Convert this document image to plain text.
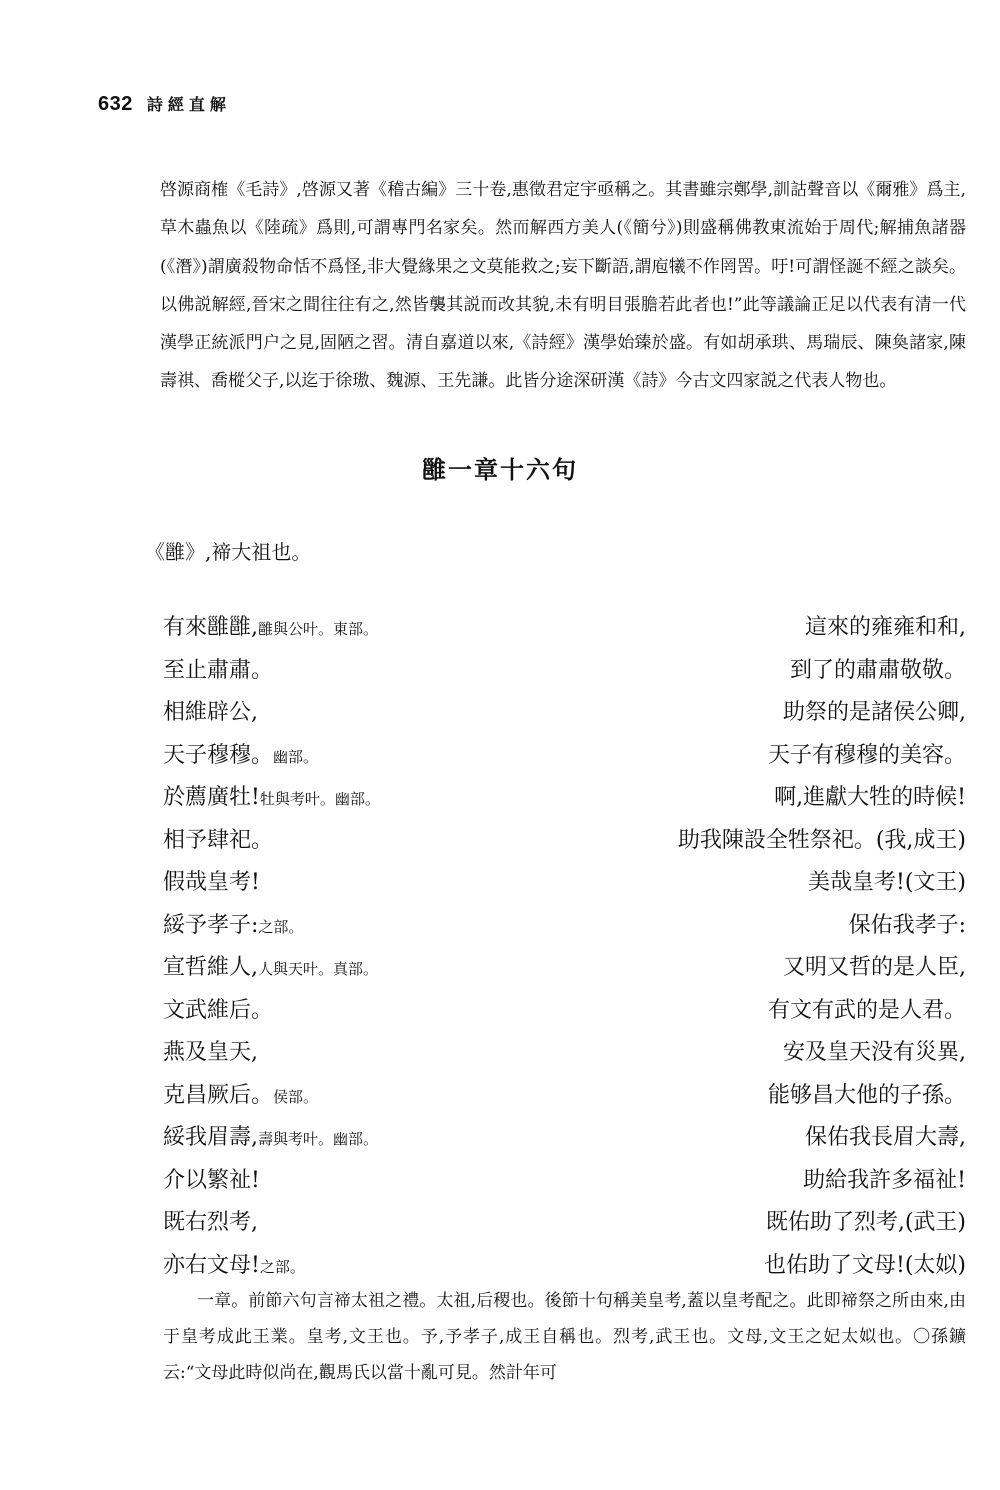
632 詩經直解

啓源商榷《毛詩》,啓源又著《稽古編》三十卷,惠徵君定宇亟稱之。其書雖宗鄭學,訓詁聲音以《爾雅》爲主,草木蟲魚以《陸疏》爲則,可謂專門名家矣。然而解西方美人(《簡兮》)則盛稱佛教東流始于周代;解捕魚諸器(《潛》)謂廣殺物命恬不爲怪,非大覺緣果之文莫能救之;妄下斷語,謂庖犧不作罔罟。吁!可謂怪誕不經之談矣。以佛説解經,晉宋之間往往有之,然皆襲其説而改其貌,未有明目張膽若此者也!”此等議論正足以代表有清一代漢學正統派門户之見,固陋之習。清自嘉道以來,《詩經》漢學始臻於盛。有如胡承珙、馬瑞辰、陳奐諸家,陳壽祺、喬樅父子,以迄于徐璈、魏源、王先謙。此皆分途深研漢《詩》今古文四家説之代表人物也。

雝一章十六句
《雝》,禘大祖也。
有來雝雝,雝與公叶。東部。	這來的雍雍和和,
至止肅肅。	到了的肅肅敬敬。
相維辟公,	助祭的是諸侯公卿,
天子穆穆。幽部。	天子有穆穆的美容。
於薦廣牡!牡與考叶。幽部。	啊,進獻大牲的時候!
相予肆祀。	助我陳設全牲祭祀。(我,成王)
假哉皇考!	美哉皇考!(文王)
綏予孝子:之部。	保佑我孝子:
宣哲維人,人與天叶。真部。	又明又哲的是人臣,
文武維后。	有文有武的是人君。
燕及皇天,	安及皇天没有災異,
克昌厥后。侯部。	能够昌大他的子孫。
綏我眉壽,壽與考叶。幽部。	保佑我長眉大壽,
介以繁祉!	助給我許多福祉!
既右烈考,	既佑助了烈考,(武王)
亦右文母!之部。	也佑助了文母!(太姒)

一章。前節六句言禘太祖之禮。太祖,后稷也。後節十句稱美皇考,蓋以皇考配之。此即禘祭之所由來,由于皇考成此王業。皇考,文王也。予,予孝子,成王自稱也。烈考,武王也。文母,文王之妃太姒也。〇孫鑛云:“文母此時似尚在,觀馬氏以當十亂可見。然計年可
